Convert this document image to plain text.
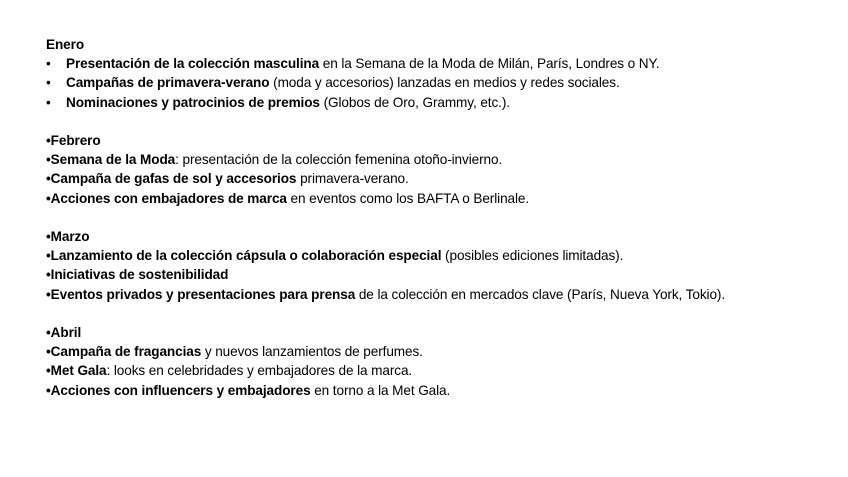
Enero
•	Presentación de la colección masculina en la Semana de la Moda de Milán, París, Londres o NY.
•	Campañas de primavera-verano (moda y accesorios) lanzadas en medios y redes sociales.
•	Nominaciones y patrocinios de premios (Globos de Oro, Grammy, etc.).
•Febrero
•Semana de la Moda: presentación de la colección femenina otoño-invierno.
•Campaña de gafas de sol y accesorios primavera-verano.
•Acciones con embajadores de marca en eventos como los BAFTA o Berlinale.
•Marzo
•Lanzamiento de la colección cápsula o colaboración especial (posibles ediciones limitadas).
•Iniciativas de sostenibilidad
•Eventos privados y presentaciones para prensa de la colección en mercados clave (París, Nueva York, Tokio).
•Abril
•Campaña de fragancias y nuevos lanzamientos de perfumes.
•Met Gala: looks en celebridades y embajadores de la marca.
•Acciones con influencers y embajadores en torno a la Met Gala.
